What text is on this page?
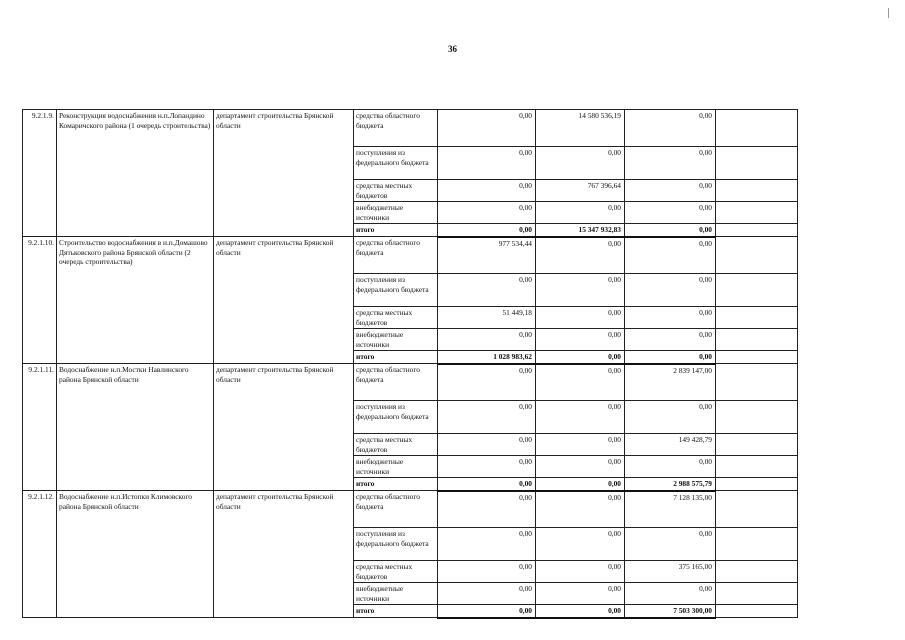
36
9.2.1.9.	Реконструкция водоснабжения н.п.Лопандино Комаричского района (1 очередь строительства)	департамент строительства Брянской области	средства областного бюджета	0,00	14 580 536,19	0,00	
			поступления из федерального бюджета	0,00	0,00	0,00	
			средства местных бюджетов	0,00	767 396,64	0,00	
			внебюджетные источники	0,00	0,00	0,00	
			итого	0,00	15 347 932,83	0,00	
9.2.1.10.	Строительство водоснабжения в н.п.Домашово Дятьковского района Брянской области (2 очередь строительства)	департамент строительства Брянской области	средства областного бюджета	977 534,44	0,00	0,00	
			поступления из федерального бюджета	0,00	0,00	0,00	
			средства местных бюджетов	51 449,18	0,00	0,00	
			внебюджетные источники	0,00	0,00	0,00	
			итого	1 028 983,62	0,00	0,00	
9.2.1.11.	Водоснабжение н.п.Мостки Навлинского района Брянской области	департамент строительства Брянской области	средства областного бюджета	0,00	0,00	2 839 147,00	
			поступления из федерального бюджета	0,00	0,00	0,00	
			средства местных бюджетов	0,00	0,00	149 428,79	
			внебюджетные источники	0,00	0,00	0,00	
			итого	0,00	0,00	2 988 575,79	
9.2.1.12.	Водоснабжение н.п.Истопки Климовского района Брянской области	департамент строительства Брянской области	средства областного бюджета	0,00	0,00	7 128 135,00	
			поступления из федерального бюджета	0,00	0,00	0,00	
			средства местных бюджетов	0,00	0,00	375 165,00	
			внебюджетные источники	0,00	0,00	0,00	
			итого	0,00	0,00	7 503 300,00	
